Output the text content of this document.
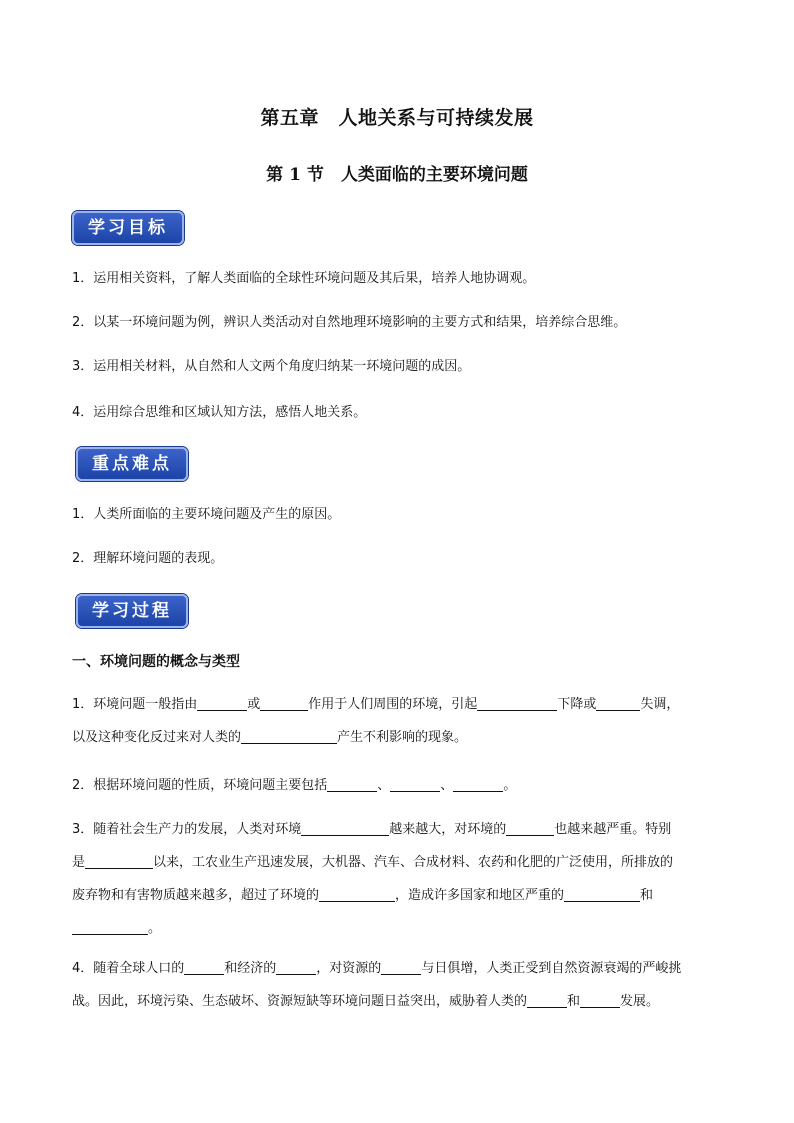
第五章　人地关系与可持续发展
第 1 节　人类面临的主要环境问题
学习目标
1．运用相关资料，了解人类面临的全球性环境问题及其后果，培养人地协调观。
2．以某一环境问题为例，辨识人类活动对自然地理环境影响的主要方式和结果，培养综合思维。
3．运用相关材料，从自然和人文两个角度归纳某一环境问题的成因。
4．运用综合思维和区域认知方法，感悟人地关系。
重点难点
1．人类所面临的主要环境问题及产生的原因。
2．理解环境问题的表现。
学习过程
一、环境问题的概念与类型
1．环境问题一般指由	或	作用于人们周围的环境，引起	下降或	失调，
以及这种变化反过来对人类的	产生不利影响的现象。
2．根据环境问题的性质，环境问题主要包括	、	、	。
3．随着社会生产力的发展，人类对环境	越来越大，对环境的	也越来越严重。特别
是	以来，工农业生产迅速发展，大机器、汽车、合成材料、农药和化肥的广泛使用，所排放的
废弃物和有害物质越来越多，超过了环境的	，造成许多国家和地区严重的	和
。
4．随着全球人口的	和经济的	，对资源的	与日俱增，人类正受到自然资源衰竭的严峻挑
战。因此，环境污染、生态破坏、资源短缺等环境问题日益突出，威胁着人类的	和	发展。
